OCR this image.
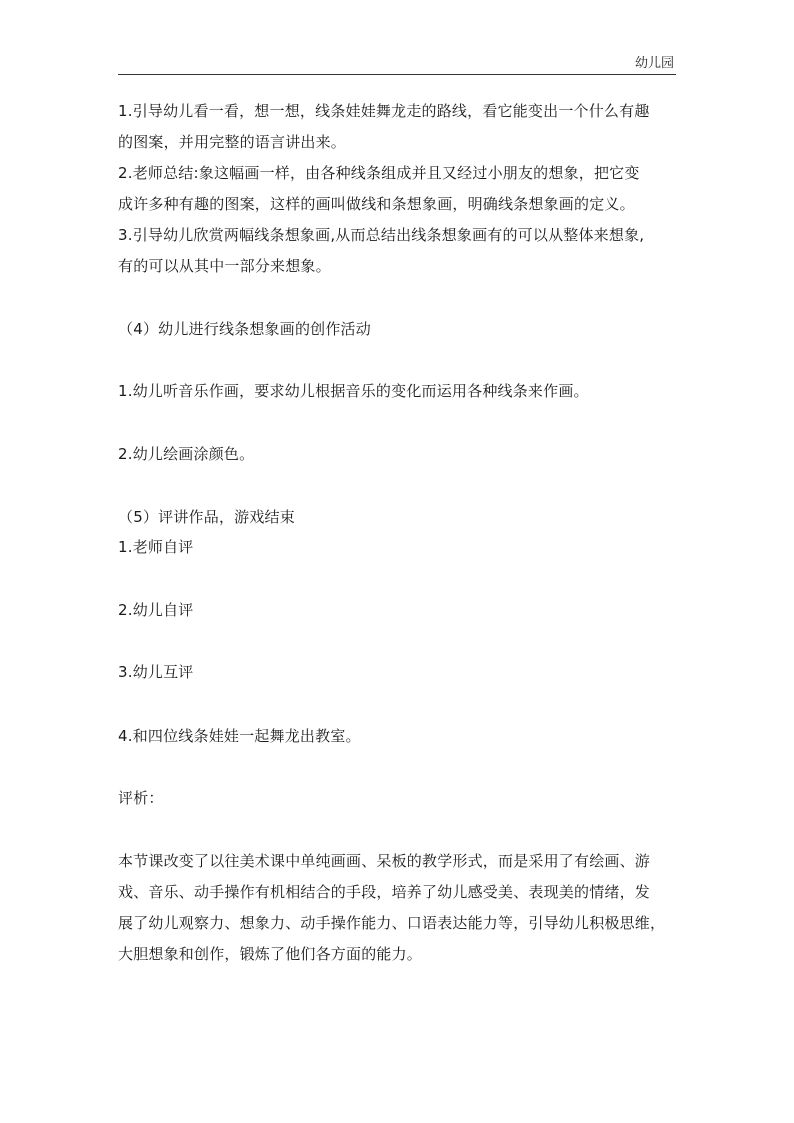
幼儿园
1.引导幼儿看一看，想一想，线条娃娃舞龙走的路线，看它能变出一个什么有趣
的图案，并用完整的语言讲出来。
2.老师总结:象这幅画一样，由各种线条组成并且又经过小朋友的想象，把它变
成许多种有趣的图案，这样的画叫做线和条想象画，明确线条想象画的定义。
3.引导幼儿欣赏两幅线条想象画,从而总结出线条想象画有的可以从整体来想象,
有的可以从其中一部分来想象。
（4）幼儿进行线条想象画的创作活动
1.幼儿听音乐作画，要求幼儿根据音乐的变化而运用各种线条来作画。
2.幼儿绘画涂颜色。
（5）评讲作品，游戏结束
1.老师自评
2.幼儿自评
3.幼儿互评
4.和四位线条娃娃一起舞龙出教室。
评析：
本节课改变了以往美术课中单纯画画、呆板的教学形式，而是采用了有绘画、游
戏、音乐、动手操作有机相结合的手段，培养了幼儿感受美、表现美的情绪，发
展了幼儿观察力、想象力、动手操作能力、口语表达能力等，引导幼儿积极思维，
大胆想象和创作，锻炼了他们各方面的能力。
